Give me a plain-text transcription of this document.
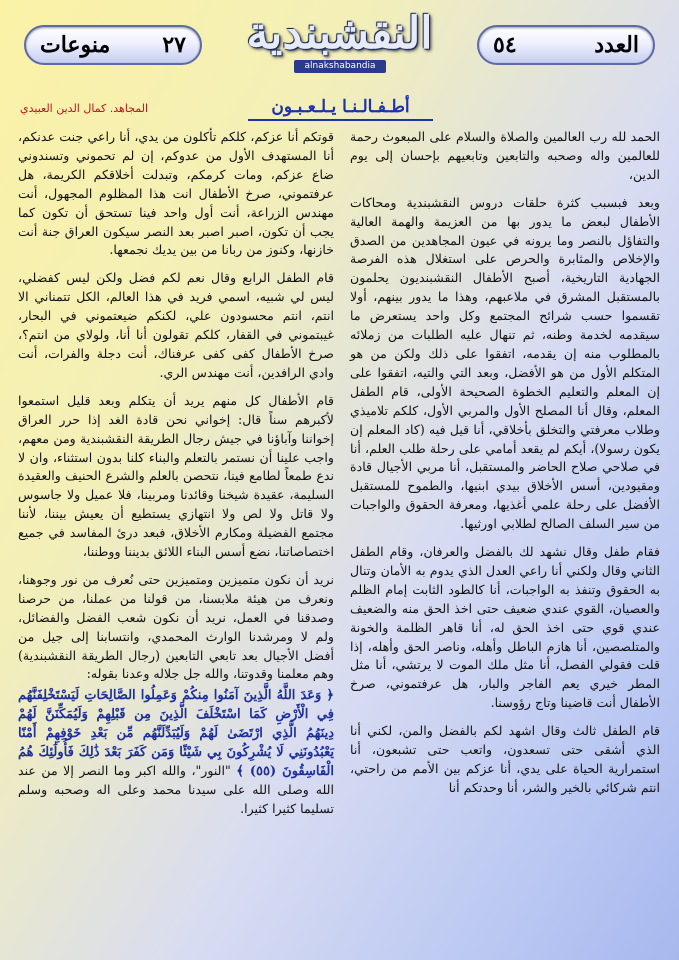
منوعات ٢٧	النقشبندية
alnakshabandia
٥٤	العدد
أطـفـالـنـا يـلـعـبـون
المجاهد. كمال الدين العبيدي

الحمد لله رب العالمين والصلاة والسلام على المبعوث رحمة للعالمين واله وصحبه والتابعين وتابعيهم بإحسان إلى يوم الدين،

وبعد فبسبب كثرة حلقات دروس النقشبندية ومحاكات الأطفال لبعض ما يدور بها من العزيمة والهمة العالية والتفاؤل بالنصر وما يرونه في عيون المجاهدين من الصدق والإخلاص والمثابرة والحرص على استغلال هذه الفرصة الجهادية التاريخية، أصبح الأطفال النقشبنديون يحلمون بالمستقبل المشرق في ملاعبهم، وهذا ما يدور بينهم، أولا تقسموا حسب شرائح المجتمع وكل واحد يستعرض ما سيقدمه لخدمة وطنه، ثم تنهال عليه الطلبات من زملائه بالمطلوب منه إن يقدمه، اتفقوا على ذلك ولكن من هو المتكلم الأول من هو الأفضل، وبعد التي والتيه، اتفقوا على إن المعلم والتعليم الخطوة الصحيحة الأولى، قام الطفل المعلم، وقال أنا المصلح الأول والمربي الأول، كلكم تلاميذي وطلاب معرفتي والتخلق بأخلاقي، أنا قيل فيه (كاد المعلم إن يكون رسولا)، أيكم لم يقعد أمامي على رحلة طلب العلم، أنا في صلاحي صلاح الحاضر والمستقبل، أنا مربي الأجيال قادة ومقيودين، أسس الأخلاق بيدي ابنيها، والطموح للمستقبل الأفضل على رحلة علمي أغذيها، ومعرفة الحقوق والواجبات من سير السلف الصالح لطلابي اورثيها.

فقام طفل وقال نشهد لك بالفضل والعرفان، وقام الطفل الثاني وقال ولكني أنا راعي العدل الذي يدوم به الأمان وتنال به الحقوق وتنفذ به الواجبات، أنا كالطود الثابت إمام الظلم والعصيان، القوي عندي ضعيف حتى اخذ الحق منه والضعيف عندي قوي حتى اخذ الحق له، أنا قاهر الظلمة والخونة والمتلصصين، أنا هازم الباطل وأهله، وناصر الحق وأهله، إذا قلت فقولي الفصل، أنا مثل ملك الموت لا يرتشي، أنا مثل المطر خيري يعم الفاجر والبار، هل عرفتموني، صرخ الأطفال أنت قاضينا وتاج رؤوسنا.

قام الطفل ثالث وقال اشهد لكم بالفضل والمن، لكني أنا الذي أشقى حتى تسعدون، واتعب حتى تشبعون، أنا استمرارية الحياة على يدي، أنا عزكم بين الأمم من راحتي، انتم شركائي بالخير والشر، أنا وحدتكم أنا

قوتكم أنا عزكم، كلكم تأكلون من يدي، أنا راعي جنت عدنكم، أنا المستهدف الأول من عدوكم، إن لم تحموني وتسندوني ضاع عزكم، ومات كرمكم، وتبدلت أخلاقكم الكريمة، هل عرفتموني، صرخ الأطفال انت هذا المظلوم المجهول، أنت مهندس الزراعة، أنت أول واحد فينا تستحق أن تكون كما يجب أن تكون، اصبر اصبر بعد النصر سيكون العراق جنة أنت خازنها، وكنوز من ربانا من بين يديك نجمعها.

قام الطفل الرابع وقال نعم لكم فضل ولكن ليس كفضلي، ليس لي شبيه، اسمي فريد في هذا العالم، الكل تتمناني الا انتم، انتم محسودون علي، لكنكم ضيعتموني في البحار، غيبتموني في القفار، كلكم تقولون أنا أنا، ولولاي من انتم؟، صرخ الأطفال كفى كفى عرفناك، أنت دجلة والفرات، أنت وادي الرافدين، أنت مهندس الري.

قام الأطفال كل منهم يريد أن يتكلم وبعد قليل استمعوا لأكبرهم سناً قال: إخواني نحن قادة الغد إذا حرر العراق إخواننا وآباؤنا في جيش رجال الطريقة النقشبندية ومن معهم، واجب علينا أن نستمر بالتعلم والبناء كلنا بدون استثناء، وان لا ندع طمعاً لطامع فينا، نتحصن بالعلم والشرع الحنيف والعقيدة السليمة، عقيدة شيخنا وقائدنا ومربينا، فلا عميل ولا جاسوس ولا قاتل ولا لص ولا انتهازي يستطيع أن يعيش بيننا، لأننا مجتمع الفضيلة ومكارم الأخلاق، فبعد درئ المفاسد في جميع اختصاصاتنا، نضع أسس البناء اللائق بديننا ووطننا،

نريد أن نكون متميزين ومتميزين حتى نُعرف من نور وجوهنا، ونعرف من هيئة ملابسنا، من قولنا من عملنا، من حرصنا وصدقنا في العمل، نريد أن نكون شعب الفضل والفضائل، ولم لا ومرشدنا الوارث المحمدي، وانتسابنا إلى جيل من أفضل الأجيال بعد تابعي التابعين (رجال الطريقة النقشبندية) وهم معلمنا وقدوتنا، والله جل جلاله وعدنا بقوله:

﴿ وَعَدَ اللَّهُ الَّذِينَ آمَنُوا مِنكُمْ وَعَمِلُوا الصَّالِحَاتِ لَيَسْتَخْلِفَنَّهُم فِي الْأَرْضِ كَمَا اسْتَخْلَفَ الَّذِينَ مِن قَبْلِهِمْ وَلَيُمَكِّنَنَّ لَهُمْ دِينَهُمُ الَّذِي ارْتَضَىٰ لَهُمْ وَلَيُبَدِّلَنَّهُم مِّن بَعْدِ خَوْفِهِمْ أَمْنًا يَعْبُدُونَنِي لَا يُشْرِكُونَ بِي شَيْئًا وَمَن كَفَرَ بَعْدَ ذَٰلِكَ فَأُولَٰئِكَ هُمُ الْفَاسِقُونَ (٥٥) ﴾ "النور"، والله اكبر وما النصر إلا من عند الله وصلى الله على سيدنا محمد وعلى اله وصحبه وسلم تسليما كثيرا كثيرا.
